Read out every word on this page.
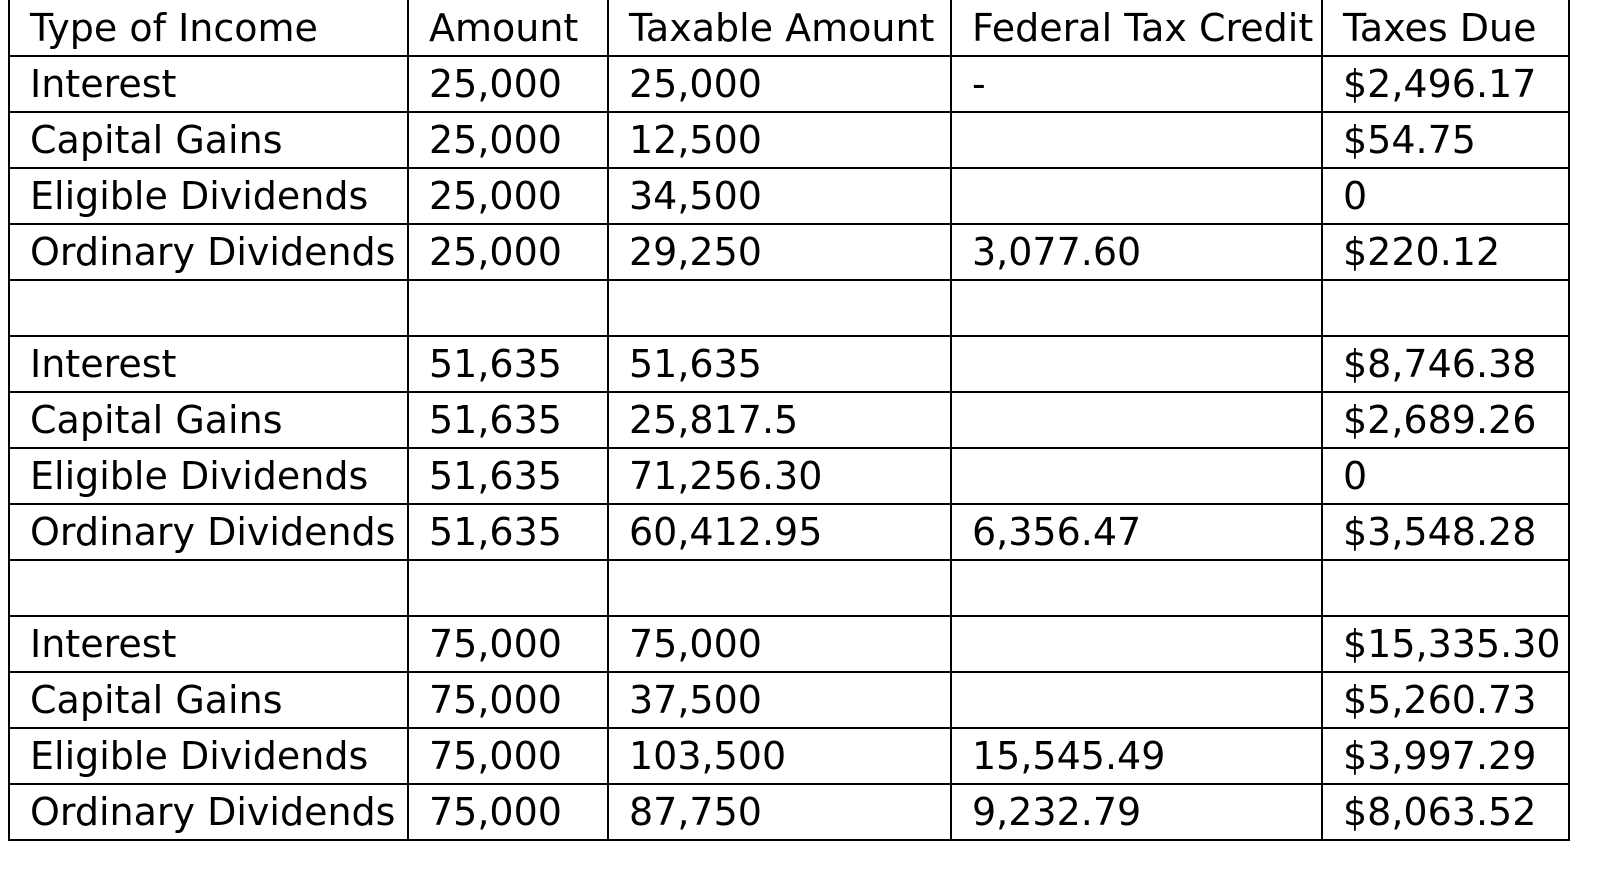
Type of Income	Amount	Taxable Amount	Federal Tax Credit	Taxes Due
Interest	25,000	25,000	-	$2,496.17
Capital Gains	25,000	12,500		$54.75
Eligible Dividends	25,000	34,500		0
Ordinary Dividends	25,000	29,250	3,077.60	$220.12

Interest	51,635	51,635		$8,746.38
Capital Gains	51,635	25,817.5		$2,689.26
Eligible Dividends	51,635	71,256.30		0
Ordinary Dividends	51,635	60,412.95	6,356.47	$3,548.28

Interest	75,000	75,000		$15,335.30
Capital Gains	75,000	37,500		$5,260.73
Eligible Dividends	75,000	103,500	15,545.49	$3,997.29
Ordinary Dividends	75,000	87,750	9,232.79	$8,063.52
